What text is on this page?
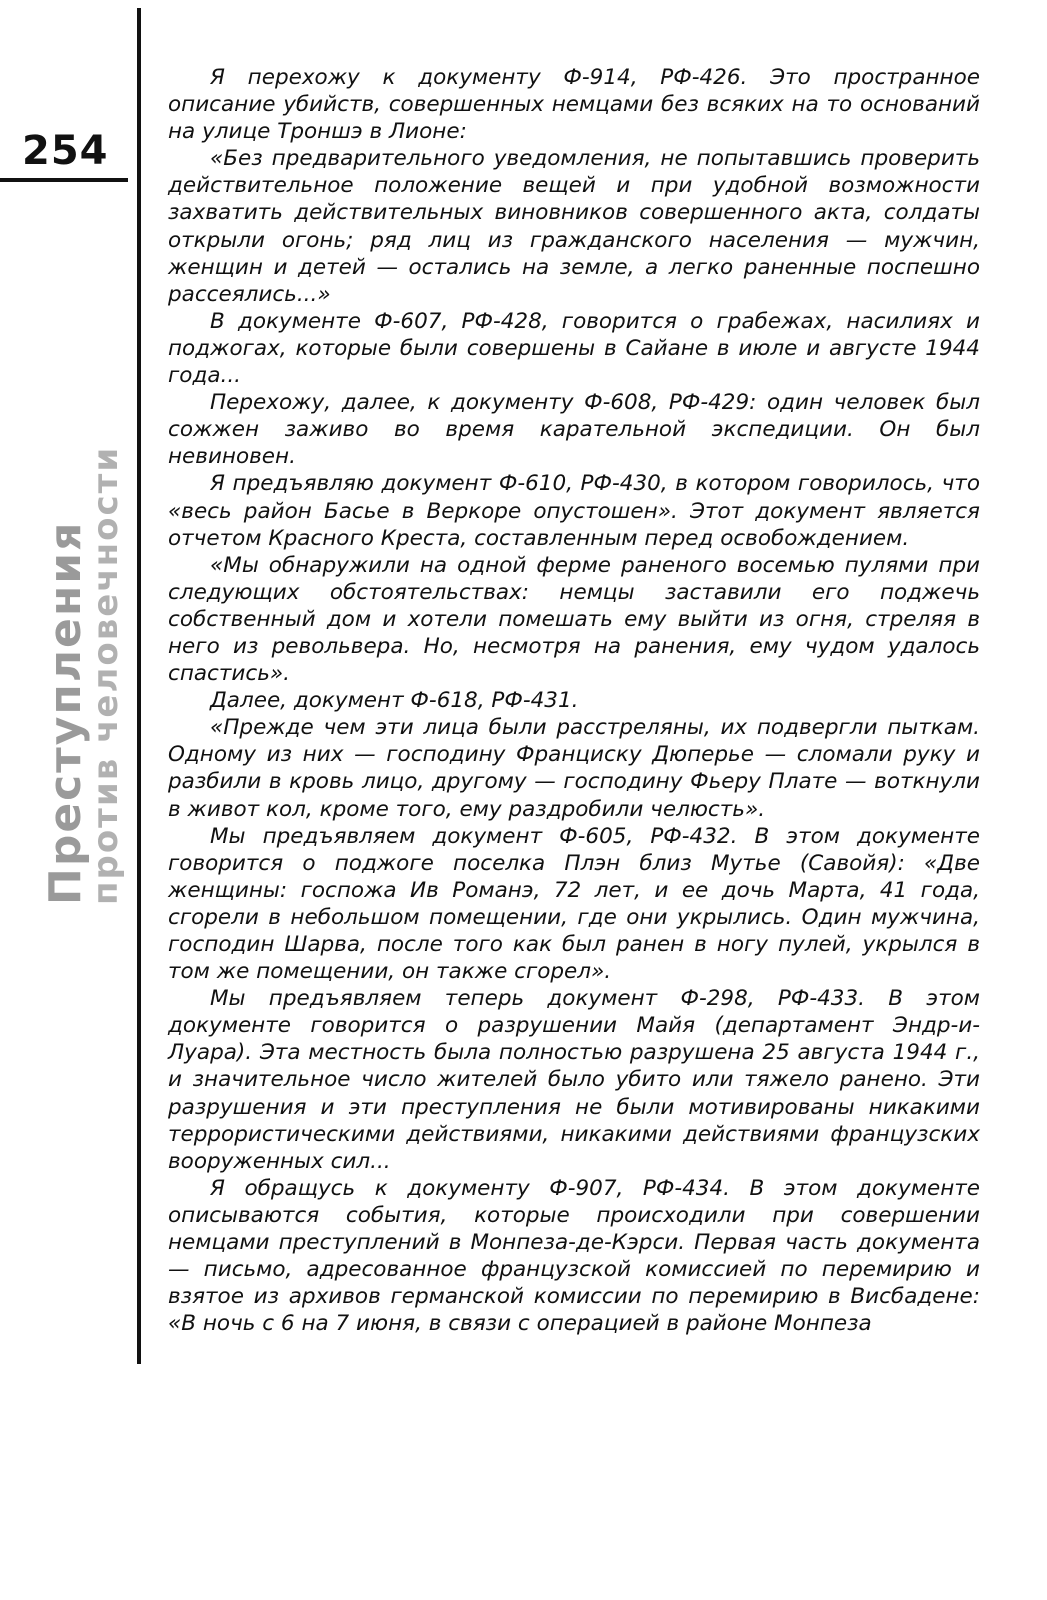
254
Преступления
против человечности

Я перехожу к документу Ф-914, РФ-426. Это пространное описание убийств, совершенных немцами без всяких на то оснований на улице Троншэ в Лионе:

«Без предварительного уведомления, не попытавшись проверить действительное положение вещей и при удобной возможности захватить действительных виновников совершенного акта, солдаты открыли огонь; ряд лиц из гражданского населения — мужчин, женщин и детей — остались на земле, а легко раненные поспешно рассеялись...»

В документе Ф-607, РФ-428, говорится о грабежах, насилиях и поджогах, которые были совершены в Сайане в июле и августе 1944 года...

Перехожу, далее, к документу Ф-608, РФ-429: один человек был сожжен заживо во время карательной экспедиции. Он был невиновен.

Я предъявляю документ Ф-610, РФ-430, в котором говорилось, что «весь район Басье в Веркоре опустошен». Этот документ является отчетом Красного Креста, составленным перед освобождением.

«Мы обнаружили на одной ферме раненого восемью пулями при следующих обстоятельствах: немцы заставили его поджечь собственный дом и хотели помешать ему выйти из огня, стреляя в него из револьвера. Но, несмотря на ранения, ему чудом удалось спастись».

Далее, документ Ф-618, РФ-431.

«Прежде чем эти лица были расстреляны, их подвергли пыткам. Одному из них — господину Франциску Дюперье — сломали руку и разбили в кровь лицо, другому — господину Фьеру Плате — воткнули в живот кол, кроме того, ему раздробили челюсть».

Мы предъявляем документ Ф-605, РФ-432. В этом документе говорится о поджоге поселка Плэн близ Мутье (Савойя): «Две женщины: госпожа Ив Романэ, 72 лет, и ее дочь Марта, 41 года, сгорели в небольшом помещении, где они укрылись. Один мужчина, господин Шарва, после того как был ранен в ногу пулей, укрылся в том же помещении, он также сгорел».

Мы предъявляем теперь документ Ф-298, РФ-433. В этом документе говорится о разрушении Майя (департамент Эндр-и-Луара). Эта местность была полностью разрушена 25 августа 1944 г., и значительное число жителей было убито или тяжело ранено. Эти разрушения и эти преступления не были мотивированы никакими террористическими действиями, никакими действиями французских вооруженных сил...

Я обращусь к документу Ф-907, РФ-434. В этом документе описываются события, которые происходили при совершении немцами преступлений в Монпеза-де-Кэрси. Первая часть документа — письмо, адресованное французской комиссией по перемирию и взятое из архивов германской комиссии по перемирию в Висбадене: «В ночь с 6 на 7 июня, в связи с операцией в районе Монпеза
